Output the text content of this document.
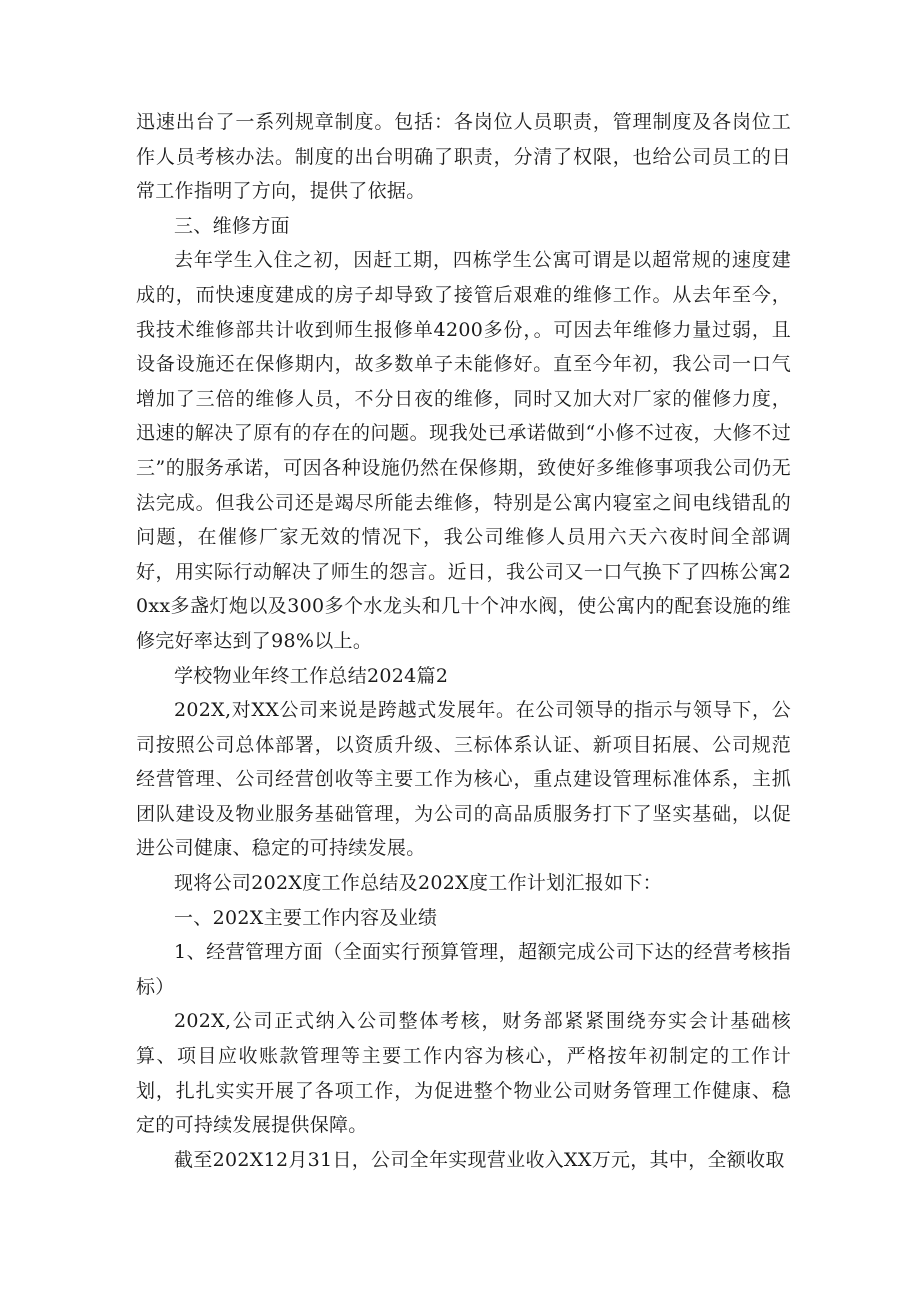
迅速出台了一系列规章制度。包括：各岗位人员职责，管理制度及各岗位工作人员考核办法。制度的出台明确了职责，分清了权限，也给公司员工的日常工作指明了方向，提供了依据。

三、维修方面

去年学生入住之初，因赶工期，四栋学生公寓可谓是以超常规的速度建成的，而快速度建成的房子却导致了接管后艰难的维修工作。从去年至今，我技术维修部共计收到师生报修单4200多份，。可因去年维修力量过弱，且设备设施还在保修期内，故多数单子未能修好。直至今年初，我公司一口气增加了三倍的维修人员，不分日夜的维修，同时又加大对厂家的催修力度，迅速的解决了原有的存在的问题。现我处已承诺做到“小修不过夜，大修不过三”的服务承诺，可因各种设施仍然在保修期，致使好多维修事项我公司仍无法完成。但我公司还是竭尽所能去维修，特别是公寓内寝室之间电线错乱的问题，在催修厂家无效的情况下，我公司维修人员用六天六夜时间全部调好，用实际行动解决了师生的怨言。近日，我公司又一口气换下了四栋公寓20xx多盏灯炮以及300多个水龙头和几十个冲水阀，使公寓内的配套设施的维修完好率达到了98%以上。

学校物业年终工作总结2024篇2

202X,对XX公司来说是跨越式发展年。在公司领导的指示与领导下，公司按照公司总体部署，以资质升级、三标体系认证、新项目拓展、公司规范经营管理、公司经营创收等主要工作为核心，重点建设管理标准体系，主抓团队建设及物业服务基础管理，为公司的高品质服务打下了坚实基础，以促进公司健康、稳定的可持续发展。

现将公司202X度工作总结及202X度工作计划汇报如下：

一、202X主要工作内容及业绩

1、经营管理方面（全面实行预算管理，超额完成公司下达的经营考核指标）

202X,公司正式纳入公司整体考核，财务部紧紧围绕夯实会计基础核算、项目应收账款管理等主要工作内容为核心，严格按年初制定的工作计划，扎扎实实开展了各项工作，为促进整个物业公司财务管理工作健康、稳定的可持续发展提供保障。

截至202X12月31日，公司全年实现营业收入XX万元，其中，全额收取
